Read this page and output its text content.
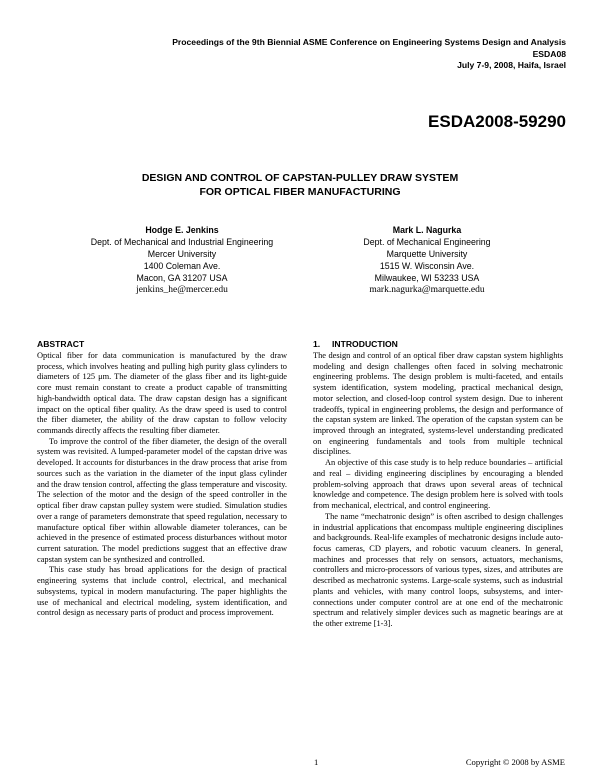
Proceedings of the 9th Biennial ASME Conference on Engineering Systems Design and Analysis
ESDA08
July 7-9, 2008, Haifa, Israel
ESDA2008-59290
DESIGN AND CONTROL OF CAPSTAN-PULLEY DRAW SYSTEM
FOR OPTICAL FIBER MANUFACTURING
Hodge E. Jenkins
Dept. of Mechanical and Industrial Engineering
Mercer University
1400 Coleman Ave.
Macon, GA 31207 USA
jenkins_he@mercer.edu
Mark L. Nagurka
Dept. of Mechanical Engineering
Marquette University
1515 W. Wisconsin Ave.
Milwaukee, WI 53233 USA
mark.nagurka@marquette.edu
ABSTRACT

Optical fiber for data communication is manufactured by the draw process, which involves heating and pulling high purity glass cylinders to diameters of 125 μm. The diameter of the glass fiber and its light-guide core must remain constant to create a product capable of transmitting high-bandwidth optical data. The draw capstan design has a significant impact on the optical fiber quality. As the draw speed is used to control the fiber diameter, the ability of the draw capstan to follow velocity commands directly affects the resulting fiber diameter.

To improve the control of the fiber diameter, the design of the overall system was revisited. A lumped-parameter model of the capstan drive was developed. It accounts for disturbances in the draw process that arise from sources such as the variation in the diameter of the input glass cylinder and the draw tension control, affecting the glass temperature and viscosity. The selection of the motor and the design of the speed controller in the optical fiber draw capstan pulley system were studied. Simulation studies over a range of parameters demonstrate that speed regulation, necessary to manufacture optical fiber within allowable diameter tolerances, can be achieved in the presence of estimated process disturbances without motor current saturation. The model predictions suggest that an effective draw capstan system can be synthesized and controlled.

This case study has broad applications for the design of practical engineering systems that include control, electrical, and mechanical subsystems, typical in modern manufacturing. The paper highlights the use of mechanical and electrical modeling, system identification, and control design as necessary parts of product and process improvement.

1. INTRODUCTION

The design and control of an optical fiber draw capstan system highlights modeling and design challenges often faced in solving mechatronic engineering problems. The design problem is multi-faceted, and entails system identification, system modeling, practical mechanical design, motor selection, and closed-loop control system design. Due to inherent tradeoffs, typical in engineering problems, the design and performance of the capstan system are linked. The operation of the capstan system can be improved through an integrated, systems-level understanding predicated on engineering fundamentals and tools from multiple technical disciplines.

An objective of this case study is to help reduce boundaries – artificial and real – dividing engineering disciplines by encouraging a blended problem-solving approach that draws upon several areas of technical knowledge and competence. The design problem here is solved with tools from mechanical, electrical, and control engineering.

The name “mechatronic design” is often ascribed to design challenges in industrial applications that encompass multiple engineering disciplines and backgrounds. Real-life examples of mechatronic designs include auto-focus cameras, CD players, and robotic vacuum cleaners. In general, machines and processes that rely on sensors, actuators, mechanisms, controllers and micro-processors of various types, sizes, and attributes are described as mechatronic systems. Large-scale systems, such as industrial plants and vehicles, with many control loops, subsystems, and inter-connections under computer control are at one end of the mechatronic spectrum and relatively simpler devices such as magnetic bearings are at the other extreme [1-3].

1	Copyright © 2008 by ASME
